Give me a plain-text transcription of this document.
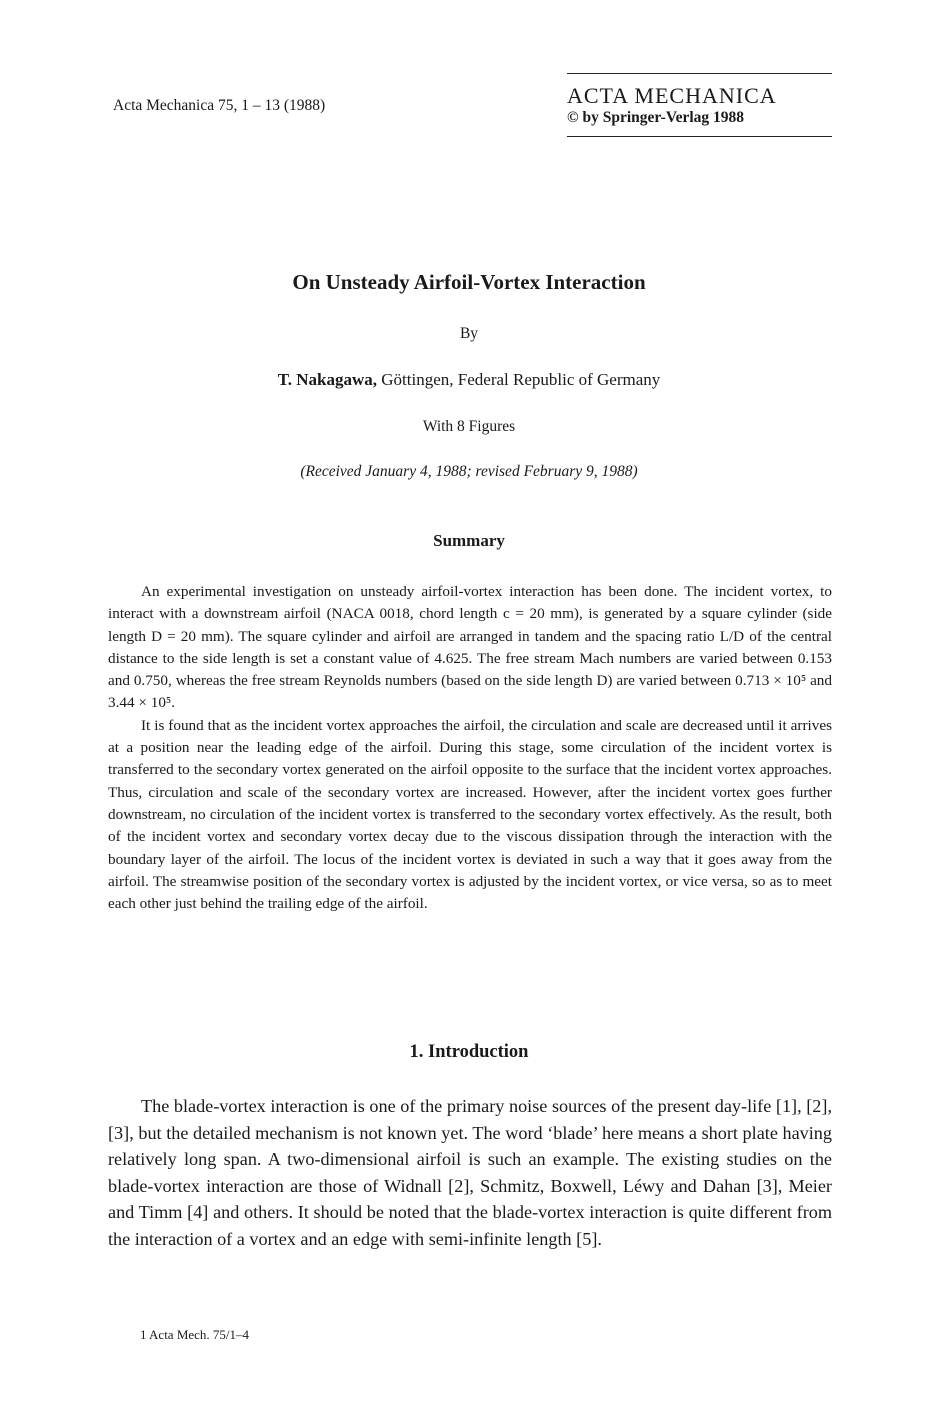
Acta Mechanica 75, 1 – 13 (1988)	ACTA MECHANICA
© by Springer-Verlag 1988
On Unsteady Airfoil-Vortex Interaction
By
T. Nakagawa, Göttingen, Federal Republic of Germany
With 8 Figures
(Received January 4, 1988; revised February 9, 1988)
Summary

An experimental investigation on unsteady airfoil-vortex interaction has been done. The incident vortex, to interact with a downstream airfoil (NACA 0018, chord length c = 20 mm), is generated by a square cylinder (side length D = 20 mm). The square cylinder and airfoil are arranged in tandem and the spacing ratio L/D of the central distance to the side length is set a constant value of 4.625. The free stream Mach numbers are varied between 0.153 and 0.750, whereas the free stream Reynolds numbers (based on the side length D) are varied between 0.713 × 10⁵ and 3.44 × 10⁵.

It is found that as the incident vortex approaches the airfoil, the circulation and scale are decreased until it arrives at a position near the leading edge of the airfoil. During this stage, some circulation of the incident vortex is transferred to the secondary vortex generated on the airfoil opposite to the surface that the incident vortex approaches. Thus, circulation and scale of the secondary vortex are increased. However, after the incident vortex goes further downstream, no circulation of the incident vortex is transferred to the secondary vortex effectively. As the result, both of the incident vortex and secondary vortex decay due to the viscous dissipation through the interaction with the boundary layer of the airfoil. The locus of the incident vortex is deviated in such a way that it goes away from the airfoil. The streamwise position of the secondary vortex is adjusted by the incident vortex, or vice versa, so as to meet each other just behind the trailing edge of the airfoil.

1. Introduction

The blade-vortex interaction is one of the primary noise sources of the present day-life [1], [2], [3], but the detailed mechanism is not known yet. The word ‘blade’ here means a short plate having relatively long span. A two-dimensional airfoil is such an example. The existing studies on the blade-vortex interaction are those of Widnall [2], Schmitz, Boxwell, Léwy and Dahan [3], Meier and Timm [4] and others. It should be noted that the blade-vortex interaction is quite different from the interaction of a vortex and an edge with semi-infinite length [5].

1 Acta Mech. 75/1–4
